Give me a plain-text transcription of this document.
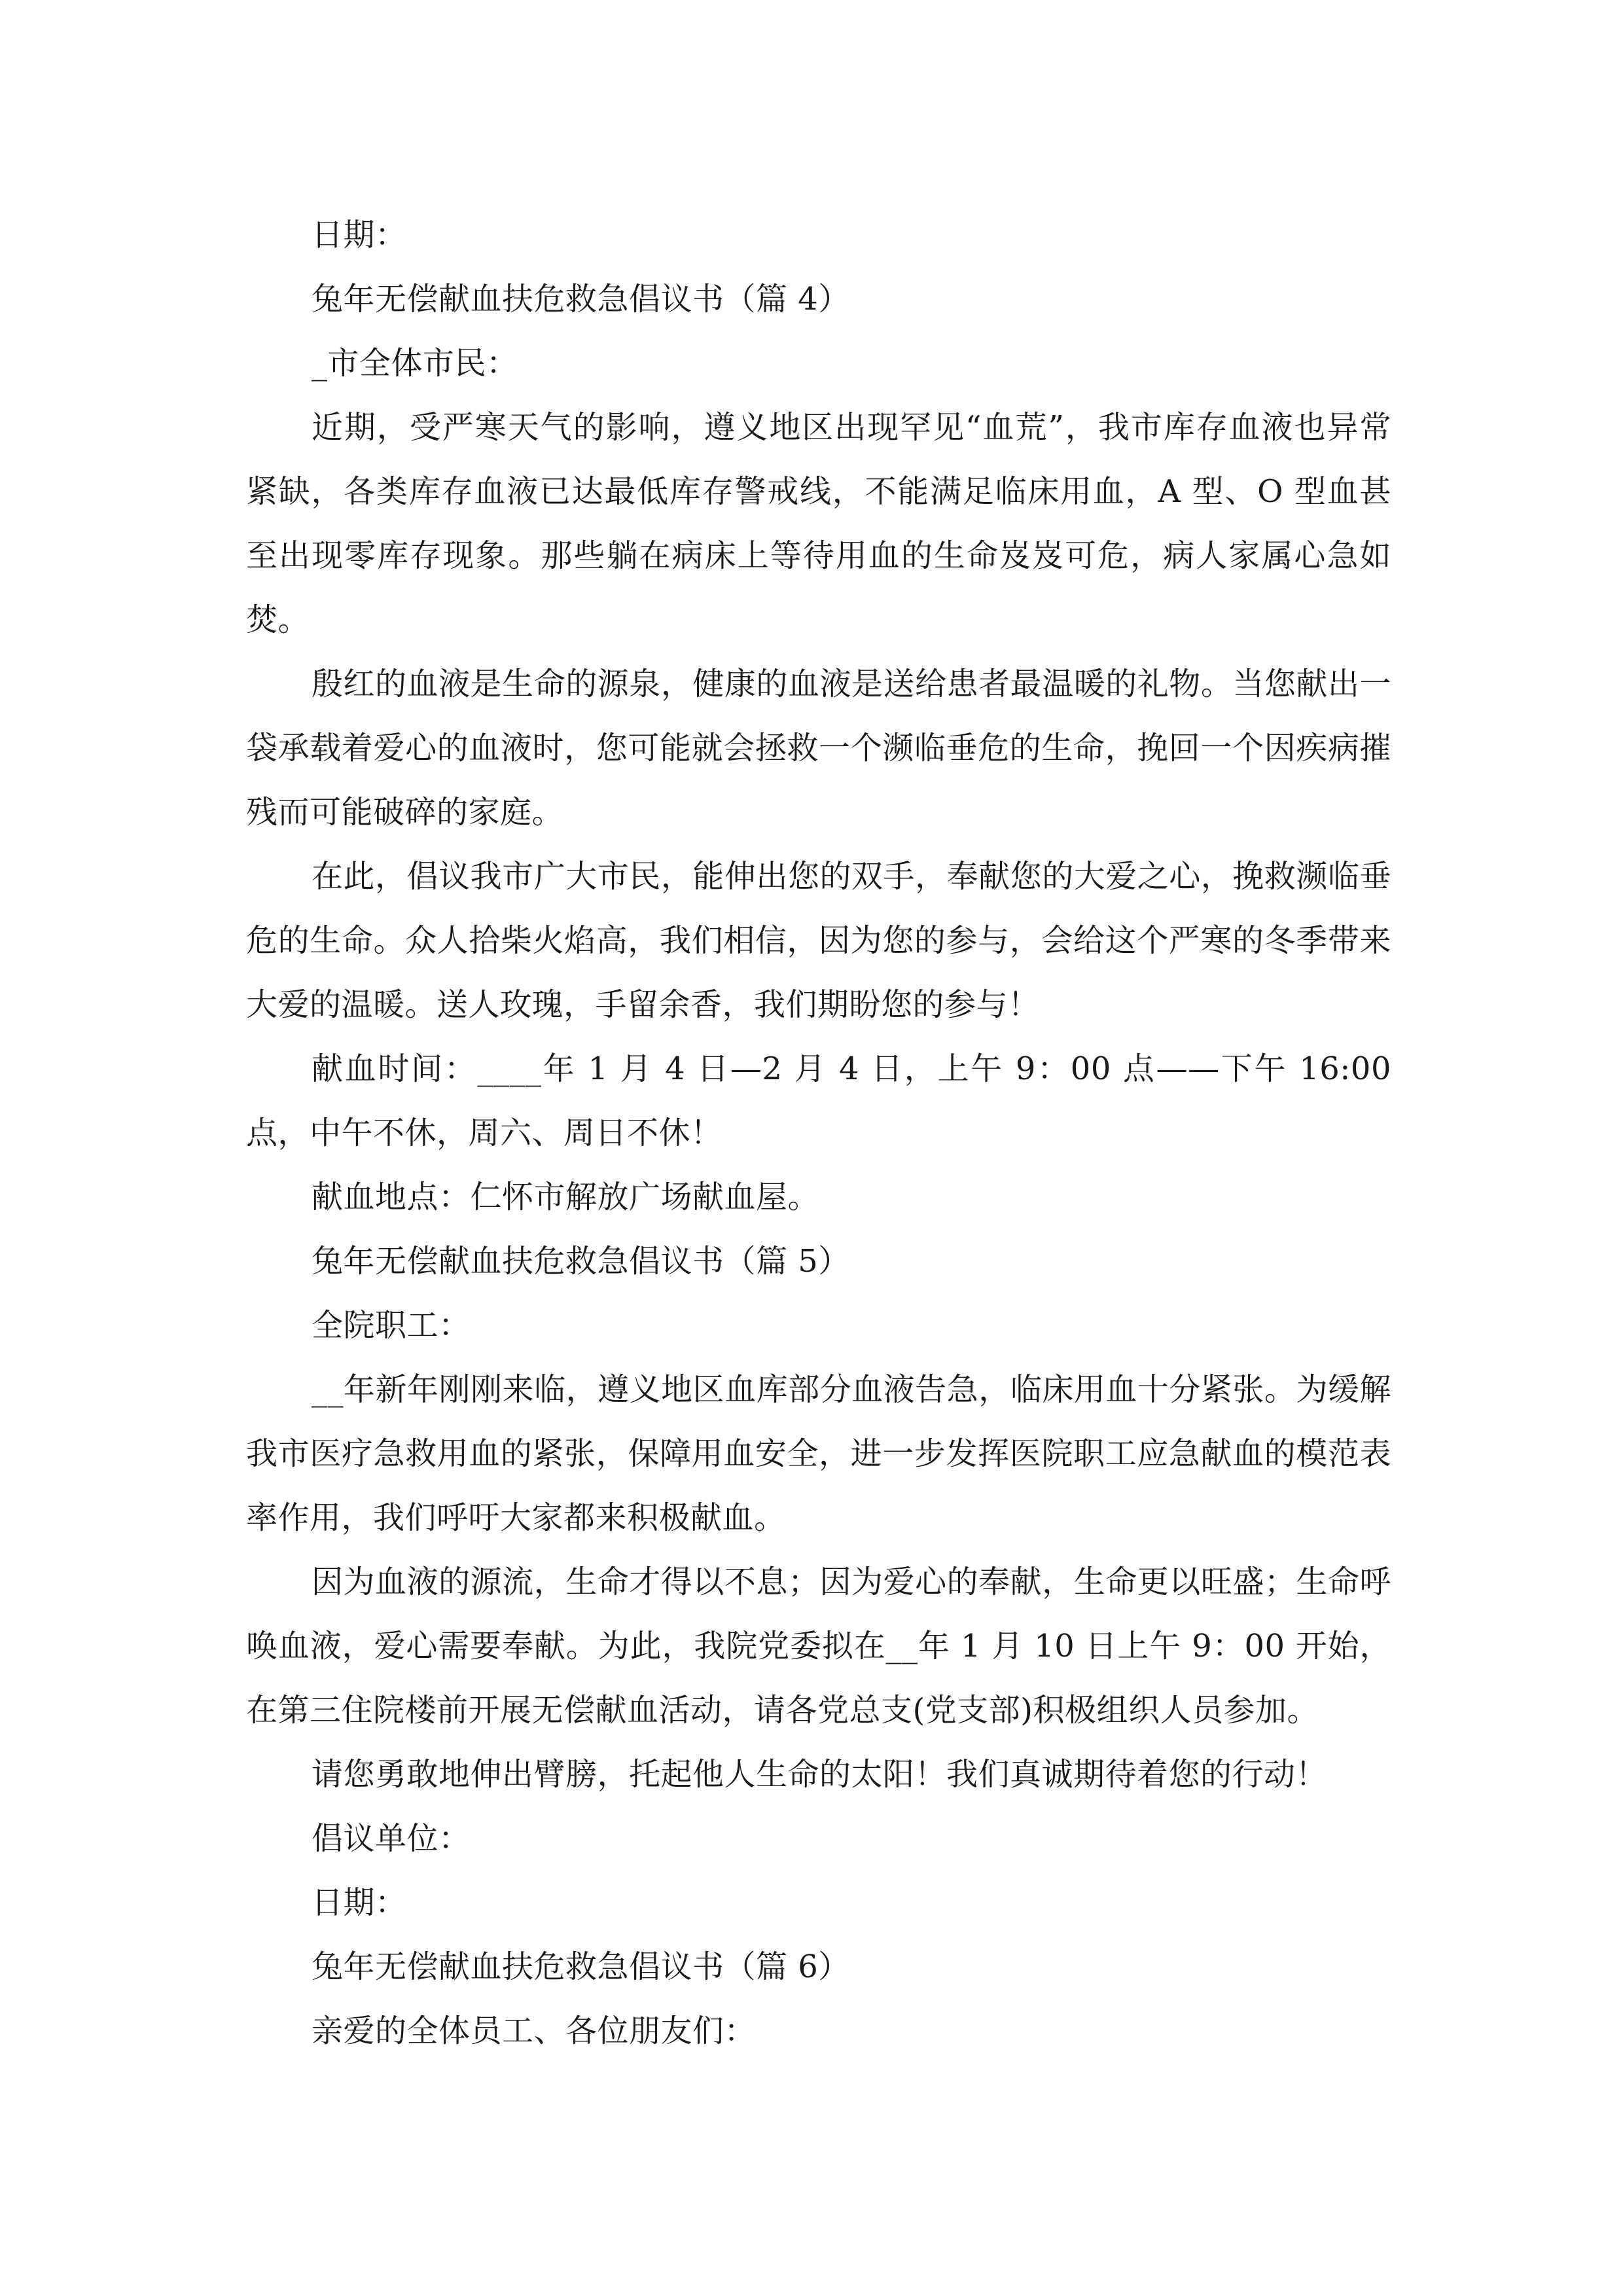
日期：

兔年无偿献血扶危救急倡议书（篇 4）

_市全体市民：

近期，受严寒天气的影响，遵义地区出现罕见“血荒”，我市库存血液也异常紧缺，各类库存血液已达最低库存警戒线，不能满足临床用血，A 型、O 型血甚至出现零库存现象。那些躺在病床上等待用血的生命岌岌可危，病人家属心急如焚。

殷红的血液是生命的源泉，健康的血液是送给患者最温暖的礼物。当您献出一袋承载着爱心的血液时，您可能就会拯救一个濒临垂危的生命，挽回一个因疾病摧残而可能破碎的家庭。

在此，倡议我市广大市民，能伸出您的双手，奉献您的大爱之心，挽救濒临垂危的生命。众人拾柴火焰高，我们相信，因为您的参与，会给这个严寒的冬季带来大爱的温暖。送人玫瑰，手留余香，我们期盼您的参与！

献血时间：____年 1 月 4 日—2 月 4 日，上午 9：00 点——下午 16:00 点，中午不休，周六、周日不休！

献血地点：仁怀市解放广场献血屋。

兔年无偿献血扶危救急倡议书（篇 5）

全院职工：

__年新年刚刚来临，遵义地区血库部分血液告急，临床用血十分紧张。为缓解我市医疗急救用血的紧张，保障用血安全，进一步发挥医院职工应急献血的模范表率作用，我们呼吁大家都来积极献血。

因为血液的源流，生命才得以不息；因为爱心的奉献，生命更以旺盛；生命呼唤血液，爱心需要奉献。为此，我院党委拟在__年 1 月 10 日上午 9：00 开始，在第三住院楼前开展无偿献血活动，请各党总支(党支部)积极组织人员参加。

请您勇敢地伸出臂膀，托起他人生命的太阳！我们真诚期待着您的行动！

倡议单位：

日期：

兔年无偿献血扶危救急倡议书（篇 6）

亲爱的全体员工、各位朋友们：
